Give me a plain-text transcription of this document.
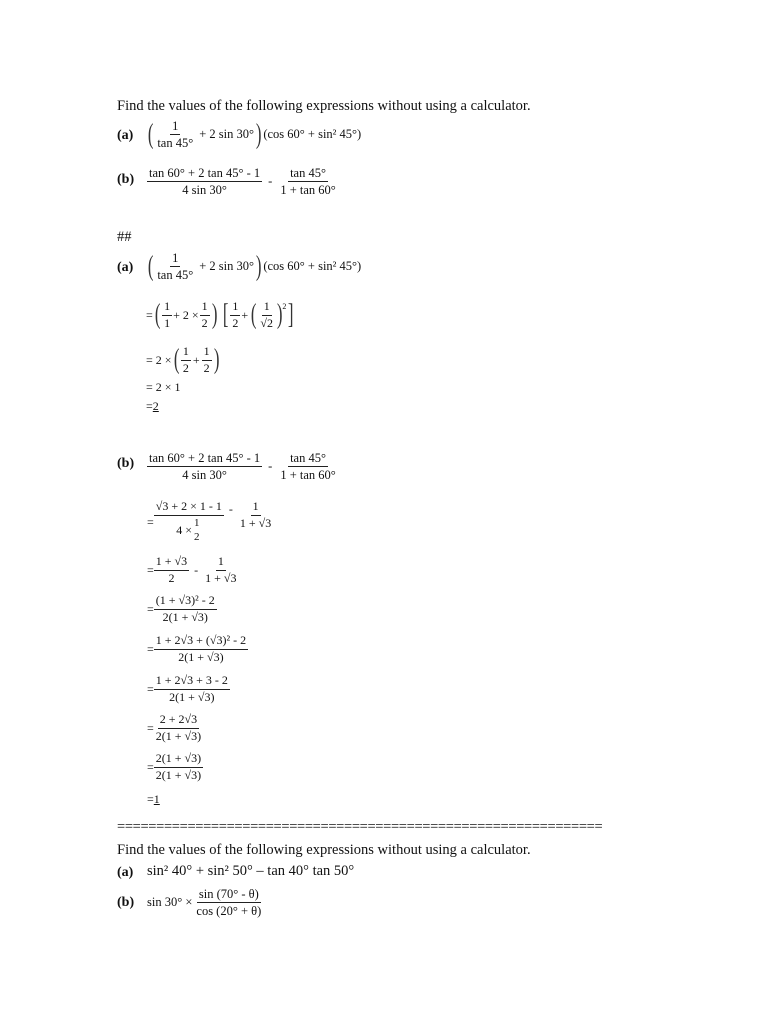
Find the values of the following expressions without using a calculator.
(a) ( $\frac{1}{\tan 45^\circ} + 2$ sin 30° ) (cos 60° + sin² 45°)
$(b) \frac{\tan 60^\circ + 2 \tan 45^\circ - 1}{4 \sin 30^\circ} - \frac{\tan 45^\circ}{1 + \tan 60^\circ}$
##
(a) ( $\frac{1}{\tan 45^\circ} + 2$ sin 30° ) (cos 60° + sin² 45°)
= ( $\frac{1}{1} + 2 \times \frac{1}{2}$ ) [ $\frac{1}{2}$ + ( $\frac{1}{√2} )^2$ ]
= 2 × ( $\frac{1}{2} + \frac{1}{2}$ )
= 2 × 1
=2
$(b) \frac{\tan 60^\circ + 2 \tan 45^\circ - 1}{4 \sin 30^\circ} - \frac{\tan 45^\circ}{1 + \tan 60^\circ}$
= √3 + 2 × 1 - 1
4 × 1
$2 - \frac{1}{1 + √3}$
= $\frac{1 + √3}{2} - \frac{1}{1 + √3}$
= $\frac{\text{(1 + √3)² - 2}}{2(1 + √3)}$
= $\frac{\text{1 + 2√3 + (√3)² - 2}}{2(1 + √3)}$
= $\frac{1 + 2√3 + 3 - 2}{2(1 + √3)}$
= $\frac{2 + 2√3}{2(1 + √3)}$
= $\frac{2(1 + √3)}{2(1 + √3)}$
=1
==============================================================
Find the values of the following expressions without using a calculator.
(a) sin² 40° + sin² 50° – tan 40° tan 50°
(b) $\sin 30^\circ \times \frac{\sin (70^\circ - \theta)}{\cos (20^\circ + \theta)}$
